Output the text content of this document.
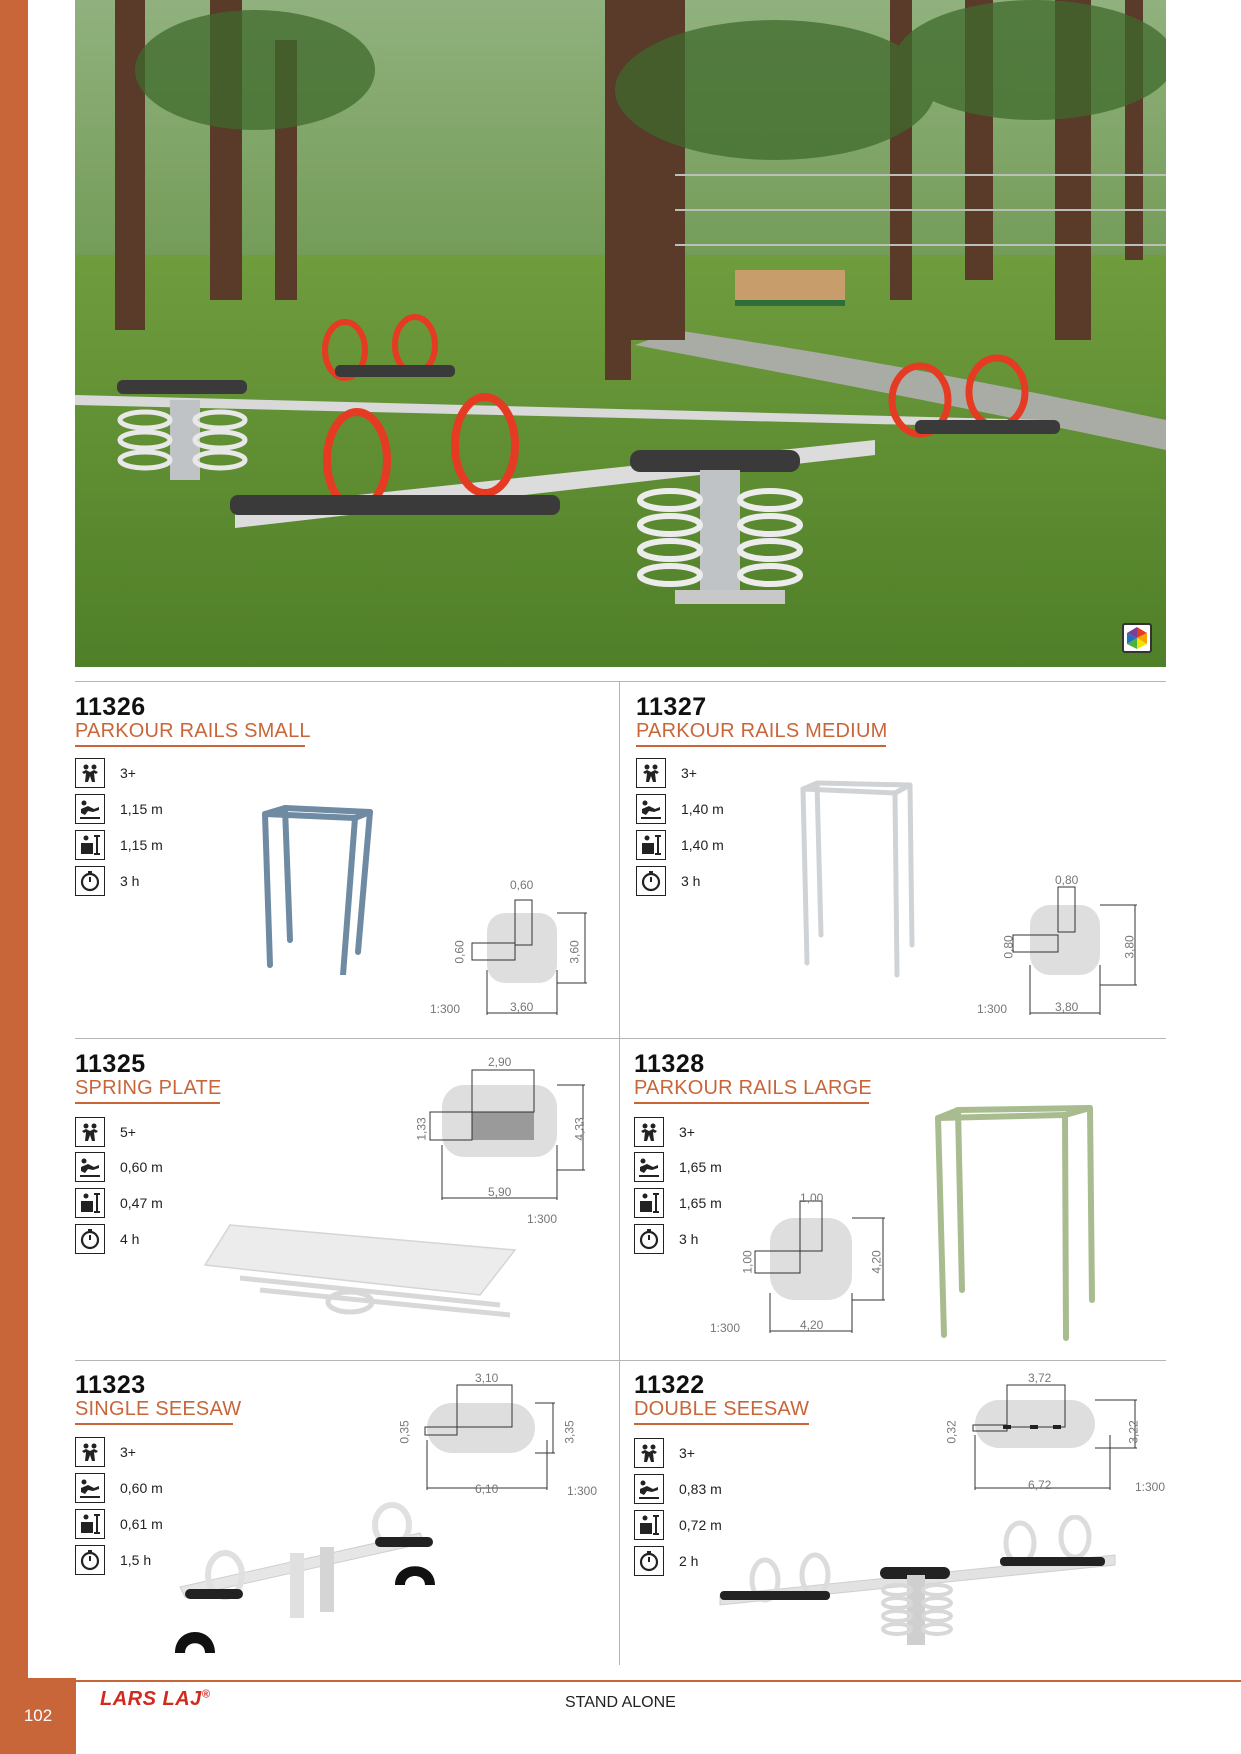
102
11326
PARKOUR RAILS SMALL
3+
1,15 m
1,15 m
3 h	0,60
0,60	3,60
3,60
1:300
11327
PARKOUR RAILS MEDIUM
3+
1,40 m
1,40 m
3 h	0,80
0,80	3,80
3,80
1:300
11325
SPRING PLATE
5+
0,60 m
0,47 m
4 h
2,90
1,33	4,33
5,90
1:300
11328
PARKOUR RAILS LARGE
3+
1,65 m
1,65 m
3 h
1,00
1,00	4,20
4,20
1:300
11323
SINGLE SEESAW
3+
0,60 m
0,61 m
1,5 h
3,10
0,35	3,35
6,10	1:300
11322
DOUBLE SEESAW
3+
0,83 m
0,72 m
2 h
3,72
0,32	3,22
6,72	1:300
LARS LAJ®	STAND ALONE
